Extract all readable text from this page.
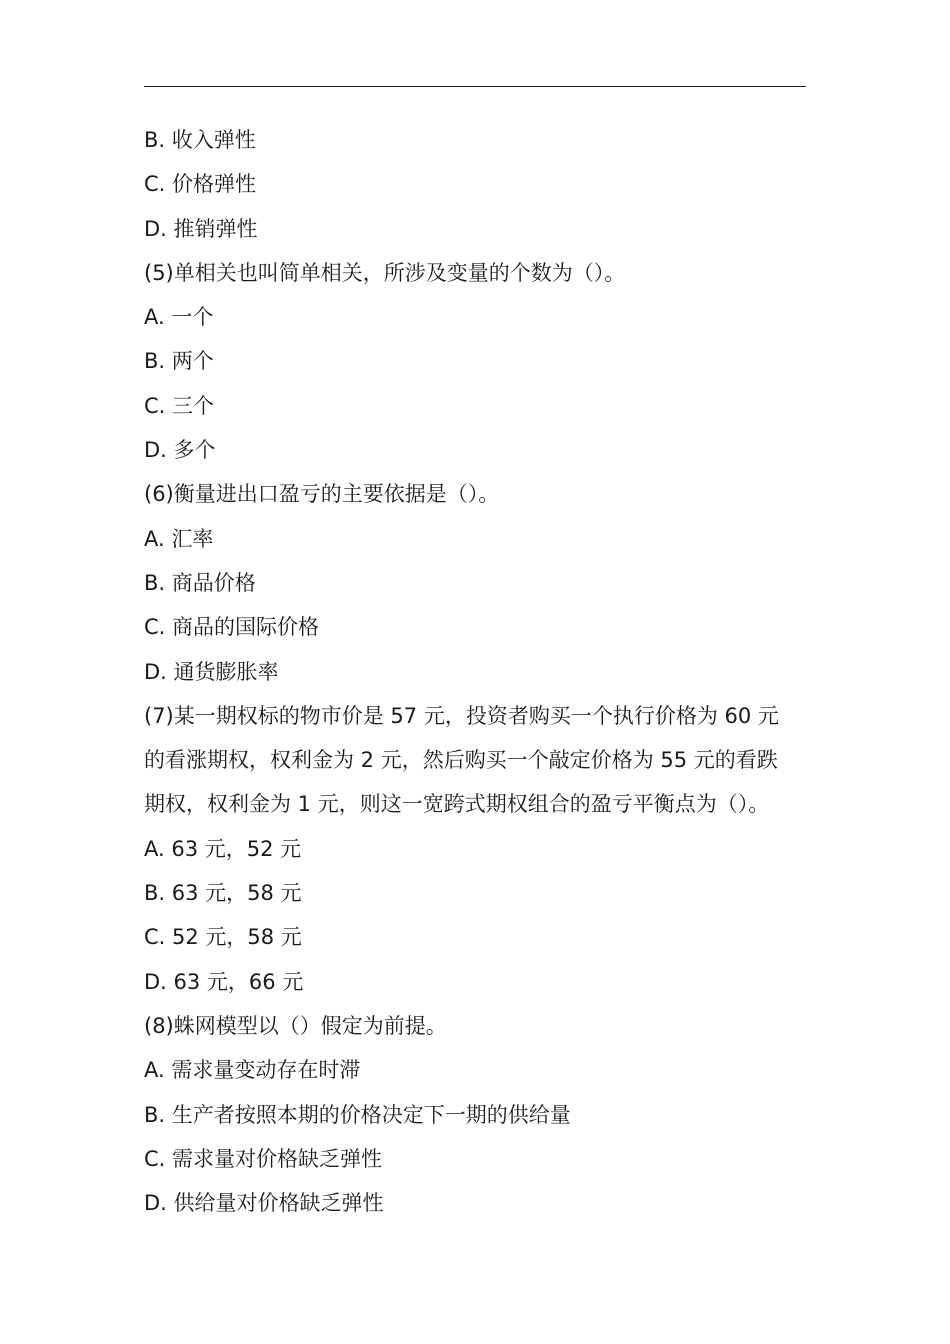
B. 收入弹性
C. 价格弹性
D. 推销弹性
(5)单相关也叫简单相关，所涉及变量的个数为（）。
A. 一个
B. 两个
C. 三个
D. 多个
(6)衡量进出口盈亏的主要依据是（）。
A. 汇率
B. 商品价格
C. 商品的国际价格
D. 通货膨胀率
(7)某一期权标的物市价是 57 元，投资者购买一个执行价格为 60 元
的看涨期权，权利金为 2 元，然后购买一个敲定价格为 55 元的看跌
期权，权利金为 1 元，则这一宽跨式期权组合的盈亏平衡点为（）。
A. 63 元，52 元
B. 63 元，58 元
C. 52 元，58 元
D. 63 元，66 元
(8)蛛网模型以（）假定为前提。
A. 需求量变动存在时滞
B. 生产者按照本期的价格决定下一期的供给量
C. 需求量对价格缺乏弹性
D. 供给量对价格缺乏弹性
